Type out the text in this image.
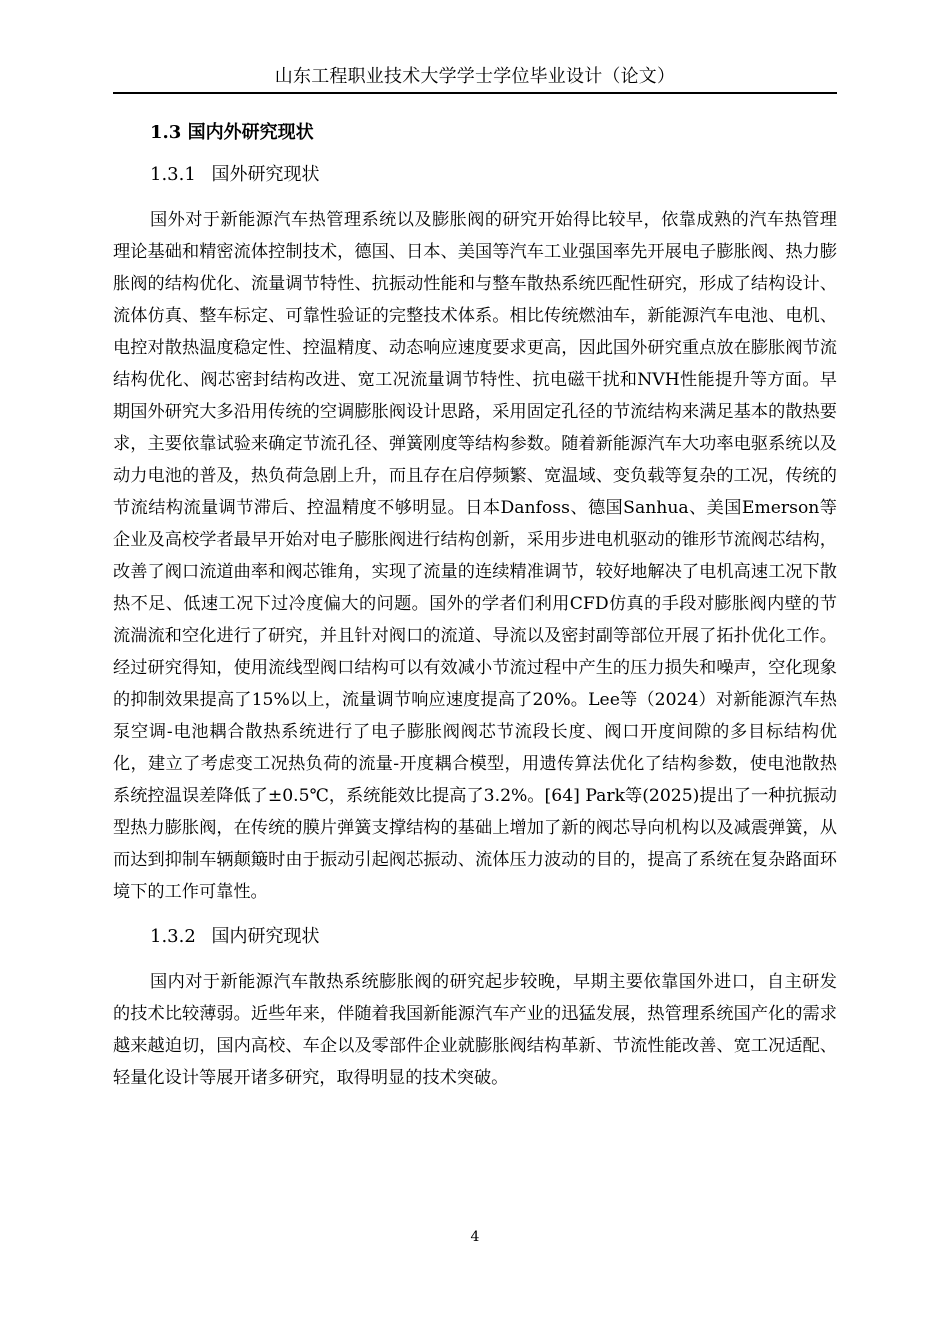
山东工程职业技术大学学士学位毕业设计（论文）
1.3 国内外研究现状
1.3.1 国外研究现状

国外对于新能源汽车热管理系统以及膨胀阀的研究开始得比较早，依靠成熟的汽车热管理理论基础和精密流体控制技术，德国、日本、美国等汽车工业强国率先开展电子膨胀阀、热力膨胀阀的结构优化、流量调节特性、抗振动性能和与整车散热系统匹配性研究，形成了结构设计、流体仿真、整车标定、可靠性验证的完整技术体系。相比传统燃油车，新能源汽车电池、电机、电控对散热温度稳定性、控温精度、动态响应速度要求更高，因此国外研究重点放在膨胀阀节流结构优化、阀芯密封结构改进、宽工况流量调节特性、抗电磁干扰和NVH性能提升等方面。早期国外研究大多沿用传统的空调膨胀阀设计思路，采用固定孔径的节流结构来满足基本的散热要求，主要依靠试验来确定节流孔径、弹簧刚度等结构参数。随着新能源汽车大功率电驱系统以及动力电池的普及，热负荷急剧上升，而且存在启停频繁、宽温域、变负载等复杂的工况，传统的节流结构流量调节滞后、控温精度不够明显。日本Danfoss、德国Sanhua、美国Emerson等企业及高校学者最早开始对电子膨胀阀进行结构创新，采用步进电机驱动的锥形节流阀芯结构，改善了阀口流道曲率和阀芯锥角，实现了流量的连续精准调节，较好地解决了电机高速工况下散热不足、低速工况下过冷度偏大的问题。国外的学者们利用CFD仿真的手段对膨胀阀内壁的节流湍流和空化进行了研究，并且针对阀口的流道、导流以及密封副等部位开展了拓扑优化工作。经过研究得知，使用流线型阀口结构可以有效减小节流过程中产生的压力损失和噪声，空化现象的抑制效果提高了15%以上，流量调节响应速度提高了20%。Lee等（2024）对新能源汽车热泵空调-电池耦合散热系统进行了电子膨胀阀阀芯节流段长度、阀口开度间隙的多目标结构优化，建立了考虑变工况热负荷的流量-开度耦合模型，用遗传算法优化了结构参数，使电池散热系统控温误差降低了±0.5℃，系统能效比提高了3.2%。[64] Park等(2025)提出了一种抗振动型热力膨胀阀，在传统的膜片弹簧支撑结构的基础上增加了新的阀芯导向机构以及减震弹簧，从而达到抑制车辆颠簸时由于振动引起阀芯振动、流体压力波动的目的，提高了系统在复杂路面环境下的工作可靠性。

1.3.2 国内研究现状

国内对于新能源汽车散热系统膨胀阀的研究起步较晚，早期主要依靠国外进口，自主研发的技术比较薄弱。近些年来，伴随着我国新能源汽车产业的迅猛发展，热管理系统国产化的需求越来越迫切，国内高校、车企以及零部件企业就膨胀阀结构革新、节流性能改善、宽工况适配、轻量化设计等展开诸多研究，取得明显的技术突破。

4
